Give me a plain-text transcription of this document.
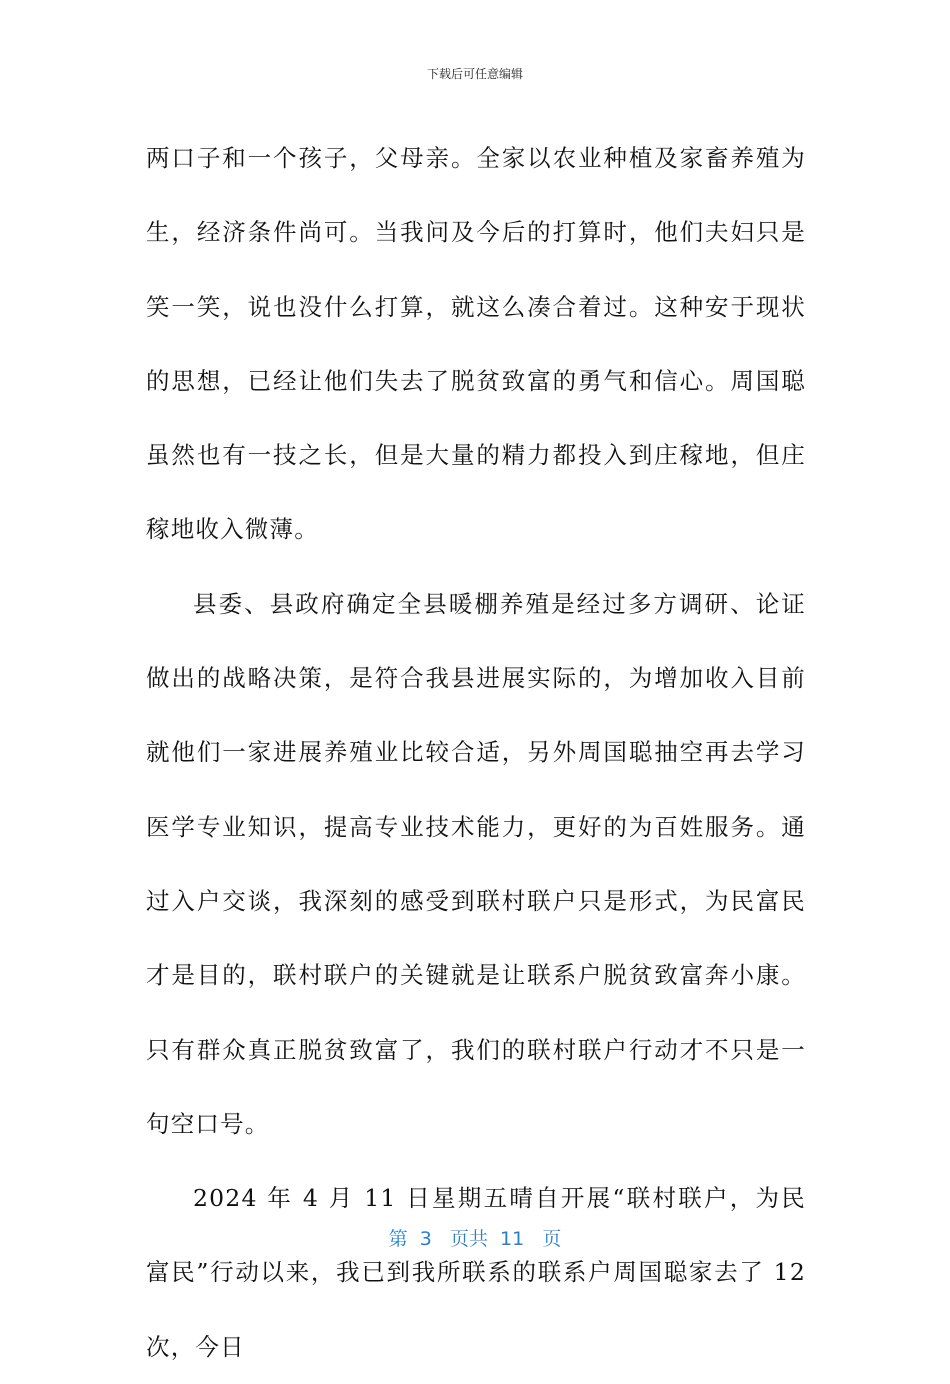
下载后可任意编辑

两口子和一个孩子，父母亲。全家以农业种植及家畜养殖为生，经济条件尚可。当我问及今后的打算时，他们夫妇只是笑一笑，说也没什么打算，就这么凑合着过。这种安于现状的思想，已经让他们失去了脱贫致富的勇气和信心。周国聪虽然也有一技之长，但是大量的精力都投入到庄稼地，但庄稼地收入微薄。

县委、县政府确定全县暖棚养殖是经过多方调研、论证做出的战略决策，是符合我县进展实际的，为增加收入目前就他们一家进展养殖业比较合适，另外周国聪抽空再去学习医学专业知识，提高专业技术能力，更好的为百姓服务。通过入户交谈，我深刻的感受到联村联户只是形式，为民富民才是目的，联村联户的关键就是让联系户脱贫致富奔小康。只有群众真正脱贫致富了，我们的联村联户行动才不只是一句空口号。

2024 年 4 月 11 日星期五晴自开展“联村联户，为民富民”行动以来，我已到我所联系的联系户周国聪家去了 12 次，今日

第 3 页共 11 页
